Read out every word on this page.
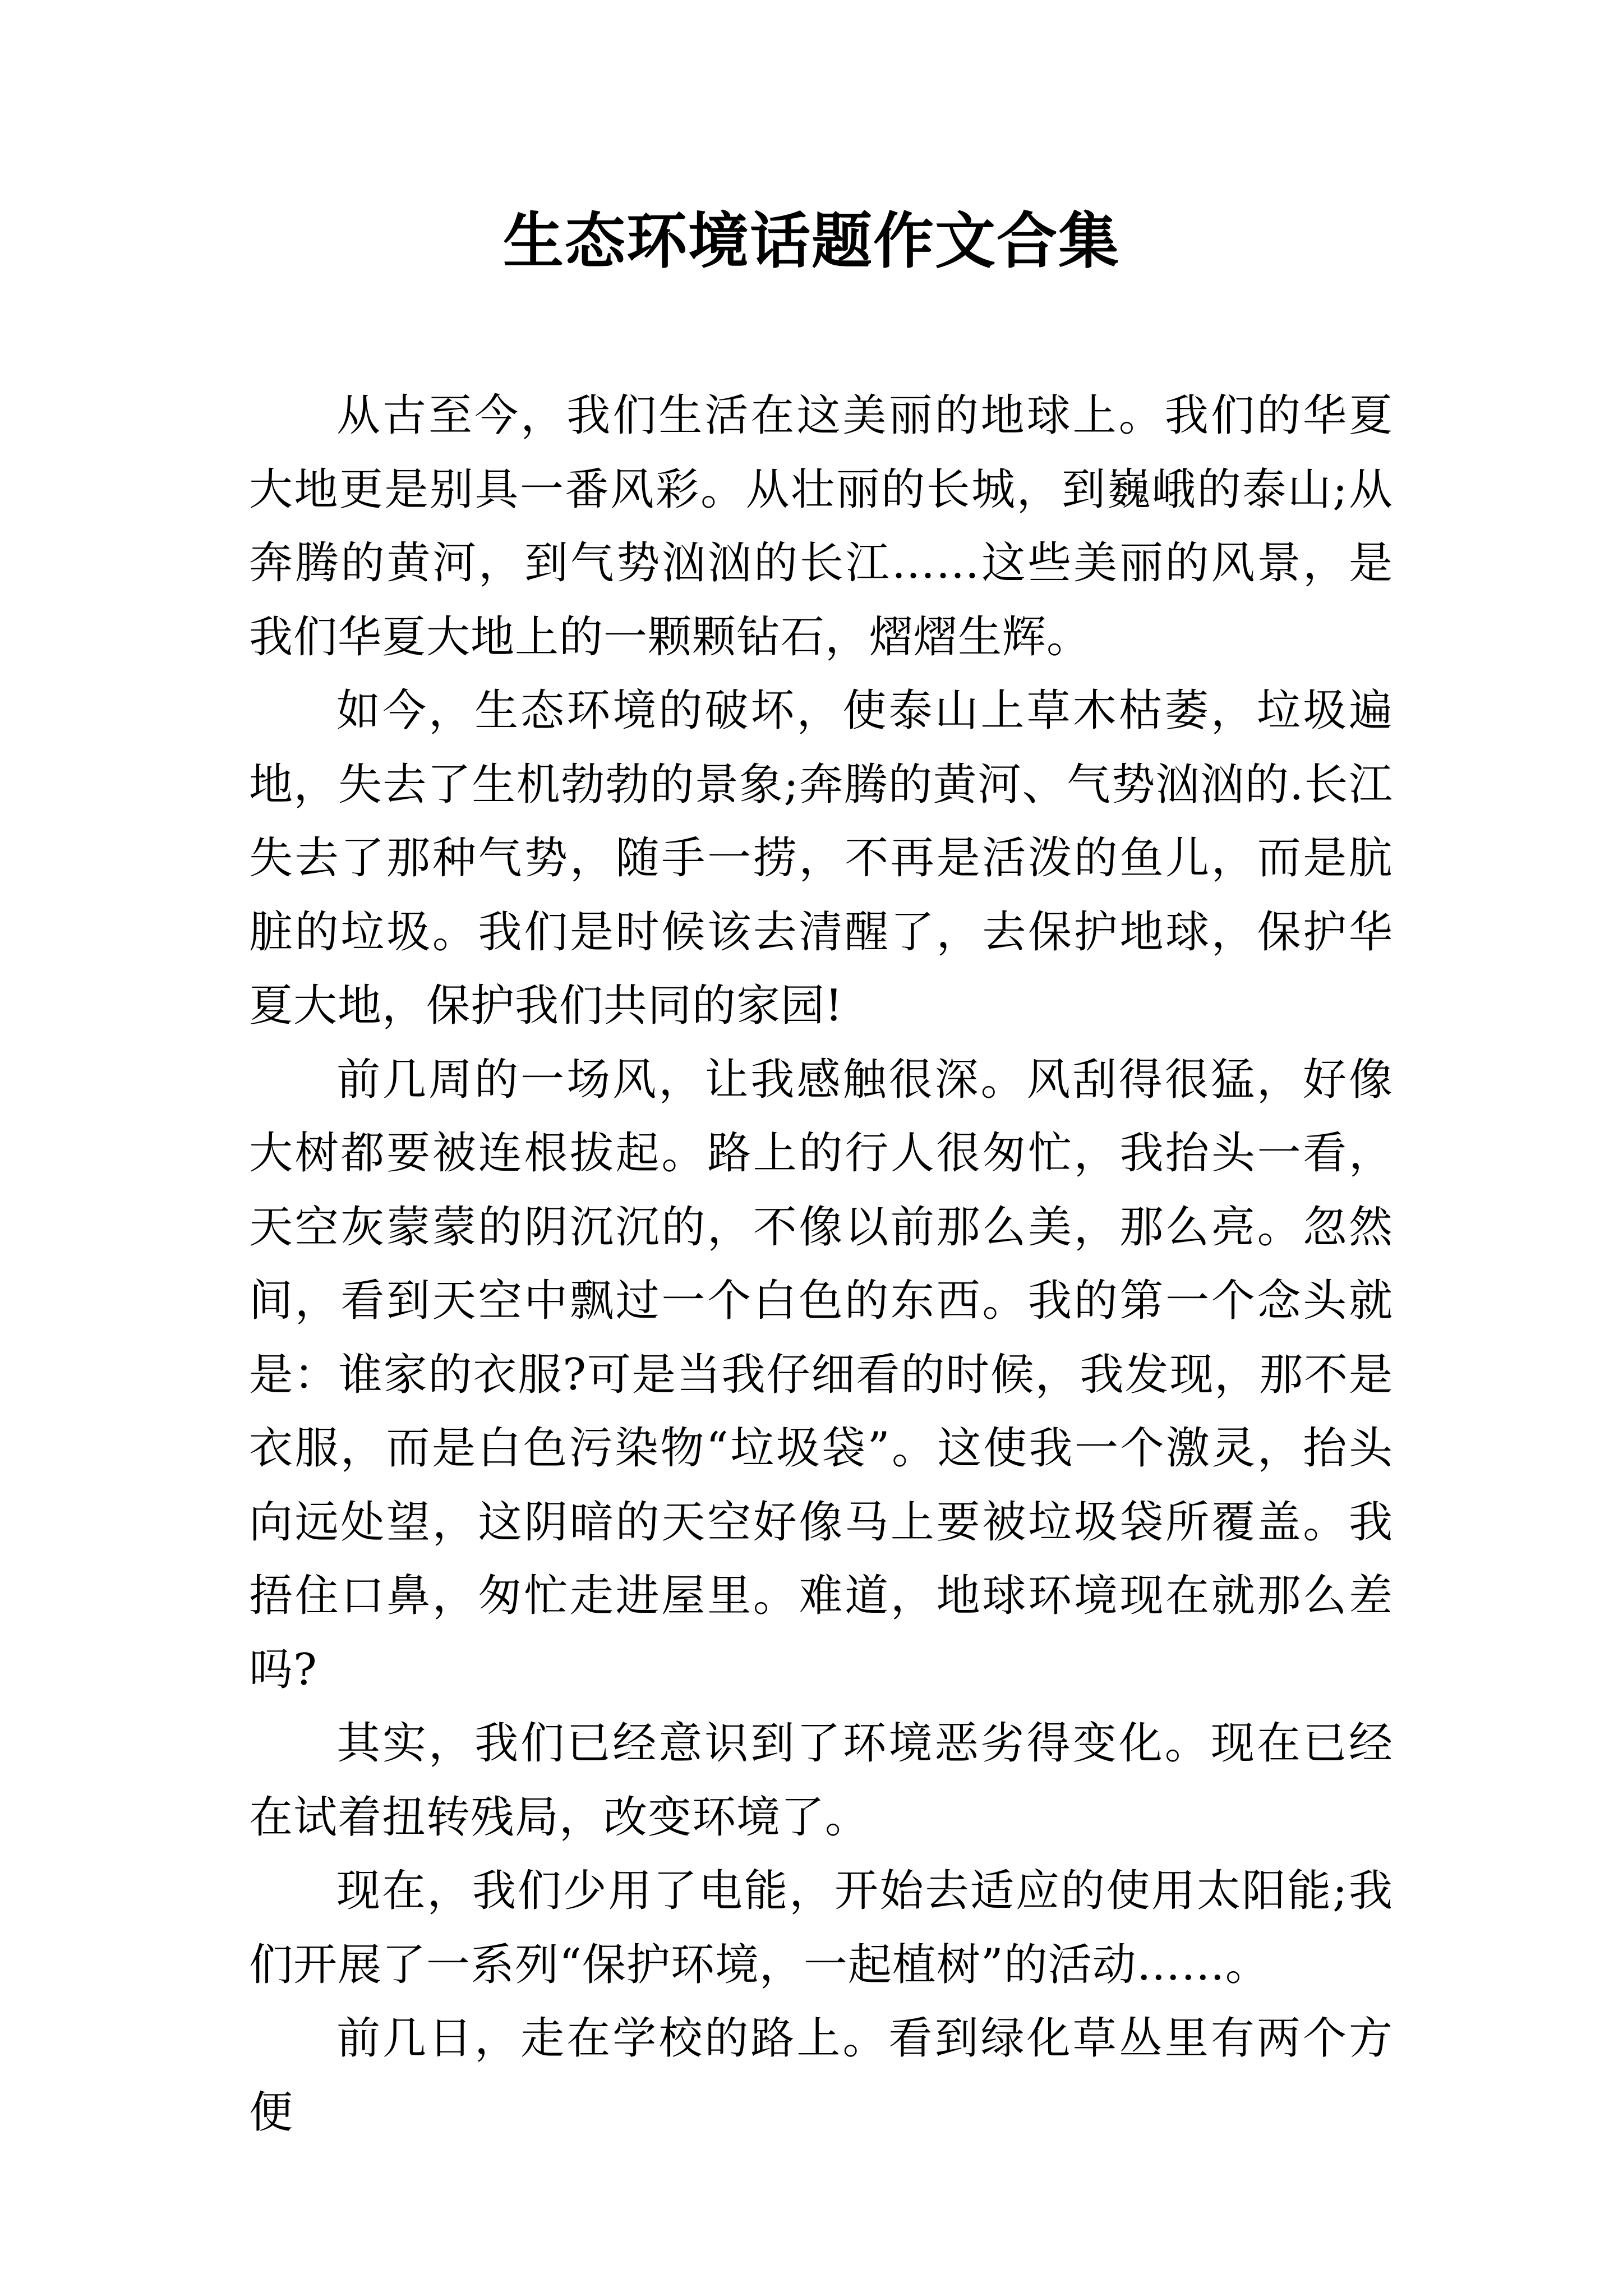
生态环境话题作文合集

从古至今，我们生活在这美丽的地球上。我们的华夏大地更是别具一番风彩。从壮丽的长城，到巍峨的泰山;从奔腾的黄河，到气势汹汹的长江……这些美丽的风景，是我们华夏大地上的一颗颗钻石，熠熠生辉。

如今，生态环境的破坏，使泰山上草木枯萎，垃圾遍地，失去了生机勃勃的景象;奔腾的黄河、气势汹汹的.长江失去了那种气势，随手一捞，不再是活泼的鱼儿，而是肮脏的垃圾。我们是时候该去清醒了，去保护地球，保护华夏大地，保护我们共同的家园!

前几周的一场风，让我感触很深。风刮得很猛，好像大树都要被连根拔起。路上的行人很匆忙，我抬头一看，天空灰蒙蒙的阴沉沉的，不像以前那么美，那么亮。忽然间，看到天空中飘过一个白色的东西。我的第一个念头就是：谁家的衣服?可是当我仔细看的时候，我发现，那不是衣服，而是白色污染物“垃圾袋”。这使我一个激灵，抬头向远处望，这阴暗的天空好像马上要被垃圾袋所覆盖。我捂住口鼻，匆忙走进屋里。难道，地球环境现在就那么差吗?

其实，我们已经意识到了环境恶劣得变化。现在已经在试着扭转残局，改变环境了。

现在，我们少用了电能，开始去适应的使用太阳能;我们开展了一系列“保护环境，一起植树”的活动……。

前几日，走在学校的路上。看到绿化草丛里有两个方便
